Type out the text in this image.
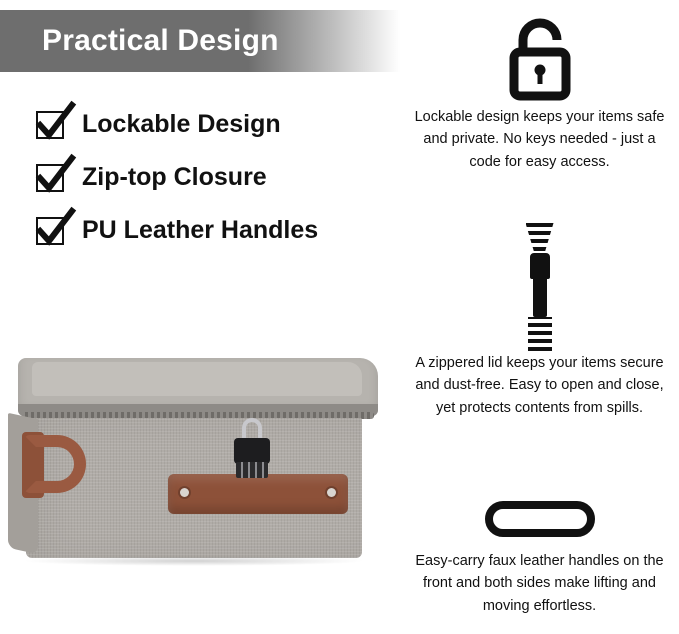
Practical Design
Lockable Design
Zip-top Closure
PU Leather Handles
Lockable design keeps your items safe and private. No keys needed - just a code for easy access.
A zippered lid keeps your items secure and dust-free. Easy to open and close, yet protects contents from spills.
Easy-carry faux leather handles on the front and both sides make lifting and moving effortless.
